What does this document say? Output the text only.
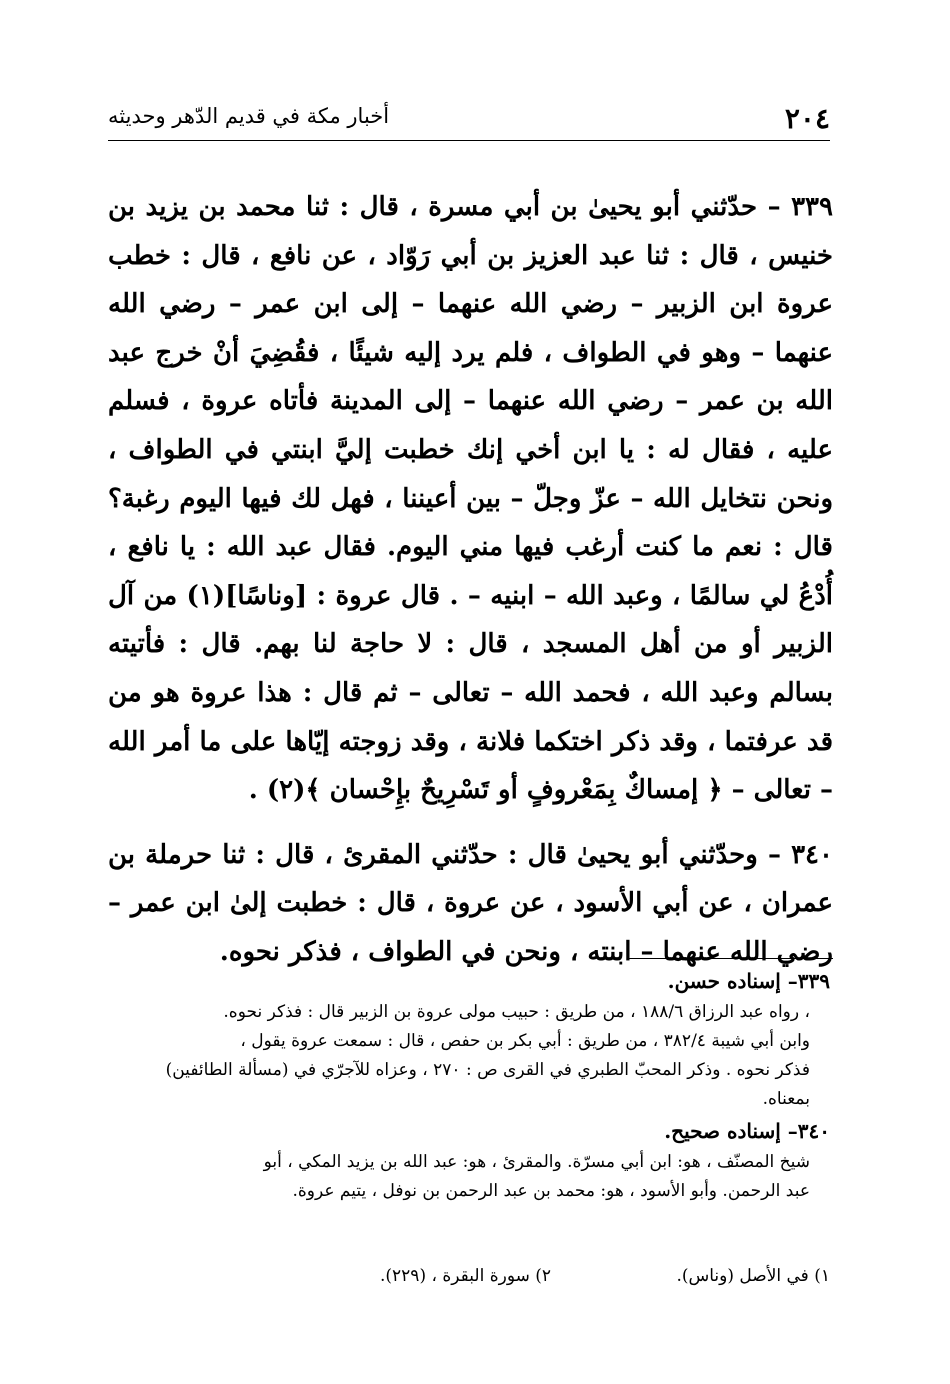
٢٠٤
أخبار مكة في قديم الدّهر وحديثه

٣٣٩ – حدّثني أبو يحيىٰ بن أبي مسرة ، قال : ثنا محمد بن يزيد بن خنيس ، قال : ثنا عبد العزيز بن أبي رَوّاد ، عن نافع ، قال : خطب عروة ابن الزبير – رضي الله عنهما – إلى ابن عمر – رضي الله عنهما – وهو في الطواف ، فلم يرد إليه شيئًا ، فقُضِيَ أنْ خرج عبد الله بن عمر – رضي الله عنهما – إلى المدينة فأتاه عروة ، فسلم عليه ، فقال له : يا ابن أخي إنك خطبت إليَّ ابنتي في الطواف ، ونحن نتخايل الله – عزّ وجلّ – بين أعيننا ، فهل لك فيها اليوم رغبة؟ قال : نعم ما كنت أرغب فيها مني اليوم. فقال عبد الله : يا نافع ، أُدْعُ لي سالمًا ، وعبد الله – ابنيه – . قال عروة : [وناسًا](١) من آل الزبير أو من أهل المسجد ، قال : لا حاجة لنا بهم. قال : فأتيته بسالم وعبد الله ، فحمد الله – تعالى – ثم قال : هذا عروة هو من قد عرفتما ، وقد ذكر اختكما فلانة ، وقد زوجته إيّاها على ما أمر الله – تعالى – ﴿ إمساكٌ بِمَعْروفٍ أو تَسْرِيحٌ بإِحْسان ﴾(٢) .

٣٤٠ – وحدّثني أبو يحيىٰ قال : حدّثني المقرئ ، قال : ثنا حرملة بن عمران ، عن أبي الأسود ، عن عروة ، قال : خطبت إلىٰ ابن عمر – رضي الله عنهما – ابنته ، ونحن في الطواف ، فذكر نحوه.

٣٣٩– إسناده حسن.

، رواه عبد الرزاق ١٨٨/٦ ، من طريق : حبيب مولى عروة بن الزبير قال : فذكر نحوه.

وابن أبي شيبة ٣٨٢/٤ ، من طريق : أبي بكر بن حفص ، قال : سمعت عروة يقول ،

فذكر نحوه . وذكر المحبّ الطبري في القرى ص : ٢٧٠ ، وعزاه للآجرّي في (مسألة الطائفين)

بمعناه.

٣٤٠– إسناده صحيح.

شيخ المصنّف ، هو: ابن أبي مسرّة. والمقرئ ، هو: عبد الله بن يزيد المكي ، أبو

عبد الرحمن. وأبو الأسود ، هو: محمد بن عبد الرحمن بن نوفل ، يتيم عروة.

١) في الأصل (وناس). ٢) سورة البقرة ، (٢٢٩).
